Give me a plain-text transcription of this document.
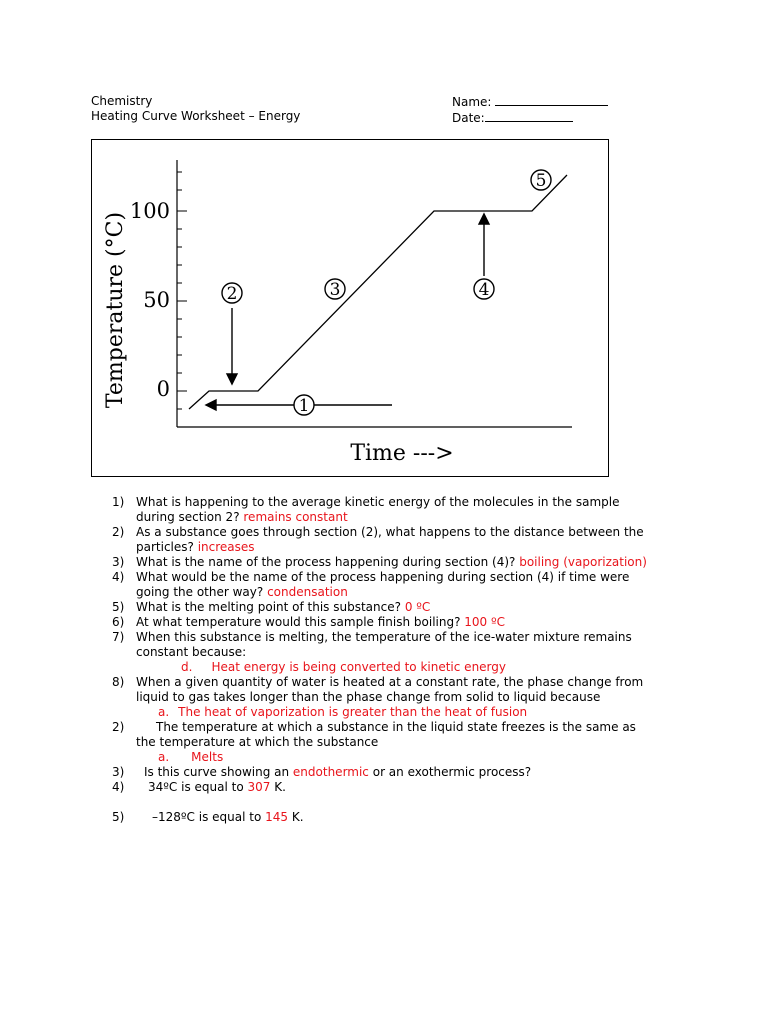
Chemistry
Heating Curve Worksheet – Energy
Name:
Date:
0
50
100
Temperature (°C)
Time --->
1
2	3	4
5
1) What is happening to the average kinetic energy of the molecules in the sample
during section 2? remains constant
2) As a substance goes through section (2), what happens to the distance between the
particles? increases
3) What is the name of the process happening during section (4)? boiling (vaporization)
4) What would be the name of the process happening during section (4) if time were
going the other way? condensation
5) What is the melting point of this substance? 0 ºC
6) At what temperature would this sample finish boiling? 100 ºC
7) When this substance is melting, the temperature of the ice-water mixture remains
constant because:
d. Heat energy is being converted to kinetic energy
8) When a given quantity of water is heated at a constant rate, the phase change from
liquid to gas takes longer than the phase change from solid to liquid because
a. The heat of vaporization is greater than the heat of fusion
2)	The temperature at which a substance in the liquid state freezes is the same as
the temperature at which the substance
a. Melts
3)	Is this curve showing an endothermic or an exothermic process?
4)	34ºC is equal to 307 K.
5)	–128ºC is equal to 145 K.
